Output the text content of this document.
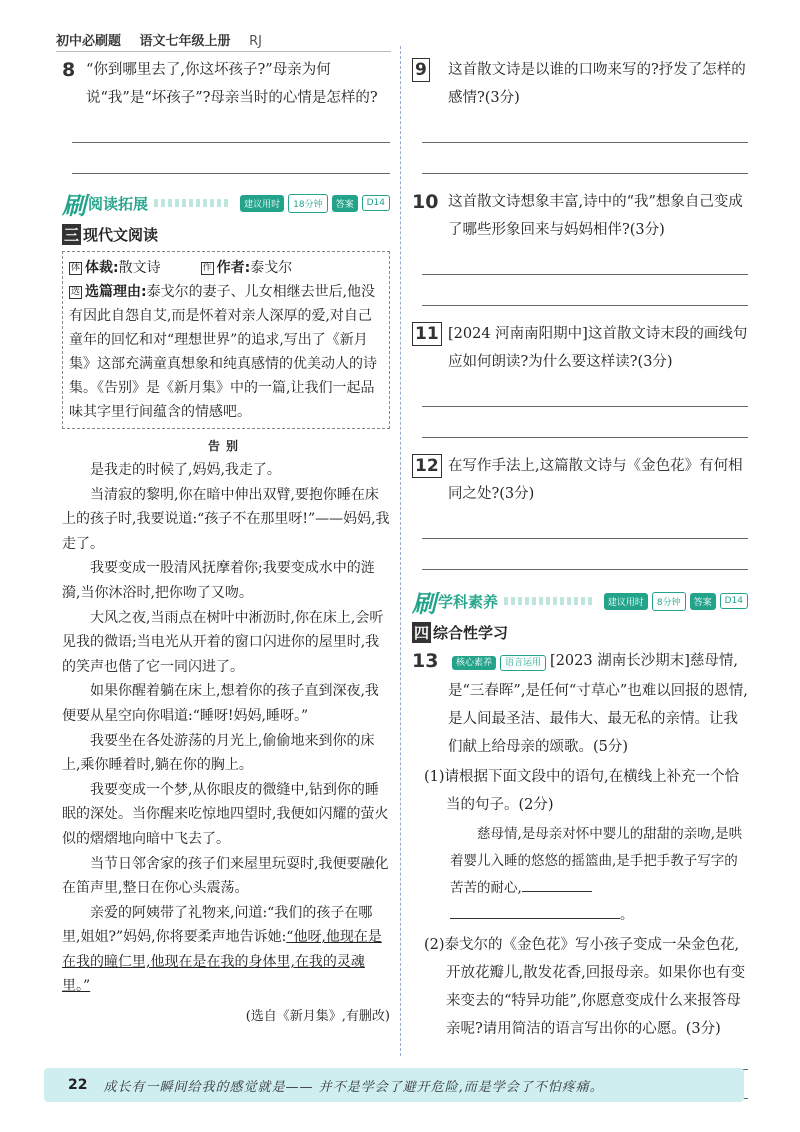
初中必刷题 语文七年级上册 RJ
8 “你到哪里去了,你这坏孩子?”母亲为何说“我”是“坏孩子”?母亲当时的心情是怎样的?
刷 阅读拓展	建议用时	18分钟	答案	D14
三 现代文阅读
体 体裁:散文诗	作 作者:泰戈尔
选 选篇理由:泰戈尔的妻子、儿女相继去世后,他没有因此自怨自艾,而是怀着对亲人深厚的爱,对自己童年的回忆和对“理想世界”的追求,写出了《新月集》这部充满童真想象和纯真感情的优美动人的诗集。《告别》是《新月集》中的一篇,让我们一起品味其字里行间蕴含的情感吧。
告别

是我走的时候了,妈妈,我走了。

当清寂的黎明,你在暗中伸出双臂,要抱你睡在床上的孩子时,我要说道:“孩子不在那里呀!”——妈妈,我走了。

我要变成一股清风抚摩着你;我要变成水中的涟漪,当你沐浴时,把你吻了又吻。

大风之夜,当雨点在树叶中淅沥时,你在床上,会听见我的微语;当电光从开着的窗口闪进你的屋里时,我的笑声也偕了它一同闪进了。

如果你醒着躺在床上,想着你的孩子直到深夜,我便要从星空向你唱道:“睡呀!妈妈,睡呀。”

我要坐在各处游荡的月光上,偷偷地来到你的床上,乘你睡着时,躺在你的胸上。

我要变成一个梦,从你眼皮的微缝中,钻到你的睡眠的深处。当你醒来吃惊地四望时,我便如闪耀的萤火似的熠熠地向暗中飞去了。

当节日邻舍家的孩子们来屋里玩耍时,我便要融化在笛声里,整日在你心头震荡。

亲爱的阿姨带了礼物来,问道:“我们的孩子在哪里,姐姐?”妈妈,你将要柔声地告诉她:“他呀,他现在是在我的瞳仁里,他现在是在我的身体里,在我的灵魂里。”

(选自《新月集》,有删改)
9	这首散文诗是以谁的口吻来写的?抒发了怎样的感情?(3分)
10 这首散文诗想象丰富,诗中的“我”想象自己变成了哪些形象回来与妈妈相伴?(3分)
11 [2024 河南南阳期中]这首散文诗末段的画线句应如何朗读?为什么要这样读?(3分)
12 在写作手法上,这篇散文诗与《金色花》有何相同之处?(3分)
刷 学科素养	建议用时	8分钟	答案	D14
四 综合性学习
13	核心素养 语言运用 [2023 湖南长沙期末]慈母情,是“三春晖”,是任何“寸草心”也难以回报的恩情,是人间最圣洁、最伟大、最无私的亲情。让我们献上给母亲的颂歌。(5分)
(1)请根据下面文段中的语句,在横线上补充一个恰当的句子。(2分)
慈母情,是母亲对怀中婴儿的甜甜的亲吻,是哄着婴儿入睡的悠悠的摇篮曲,是手把手教子写字的苦苦的耐心,
。
(2)泰戈尔的《金色花》写小孩子变成一朵金色花,开放花瓣儿,散发花香,回报母亲。如果你也有变来变去的“特异功能”,你愿意变成什么来报答母亲呢?请用简洁的语言写出你的心愿。(3分)
22 成长有一瞬间给我的感觉就是—— 并不是学会了避开危险,而是学会了不怕疼痛。
